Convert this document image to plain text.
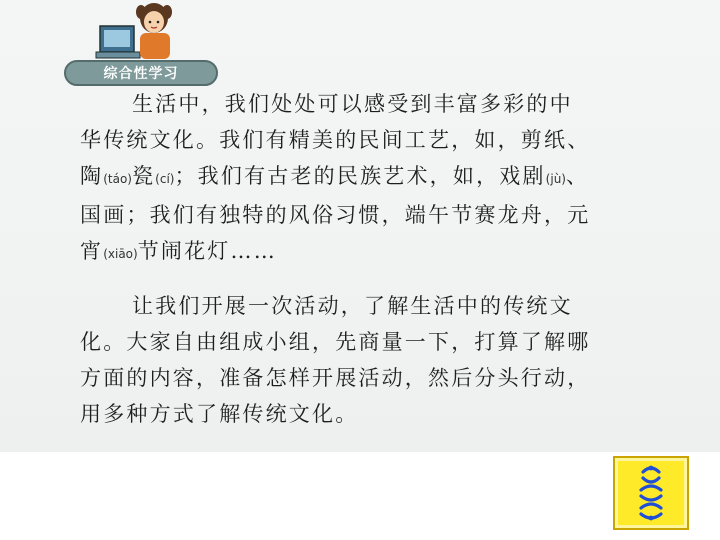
综合性学习
生活中，我们处处可以感受到丰富多彩的中
华传统文化。我们有精美的民间工艺，如，剪纸、
陶(táo)瓷(cí)；我们有古老的民族艺术，如，戏剧(jù)、
国画；我们有独特的风俗习惯，端午节赛龙舟，元
宵(xiāo)节闹花灯……
让我们开展一次活动，了解生活中的传统文
化。大家自由组成小组，先商量一下，打算了解哪
方面的内容，准备怎样开展活动，然后分头行动，
用多种方式了解传统文化。
